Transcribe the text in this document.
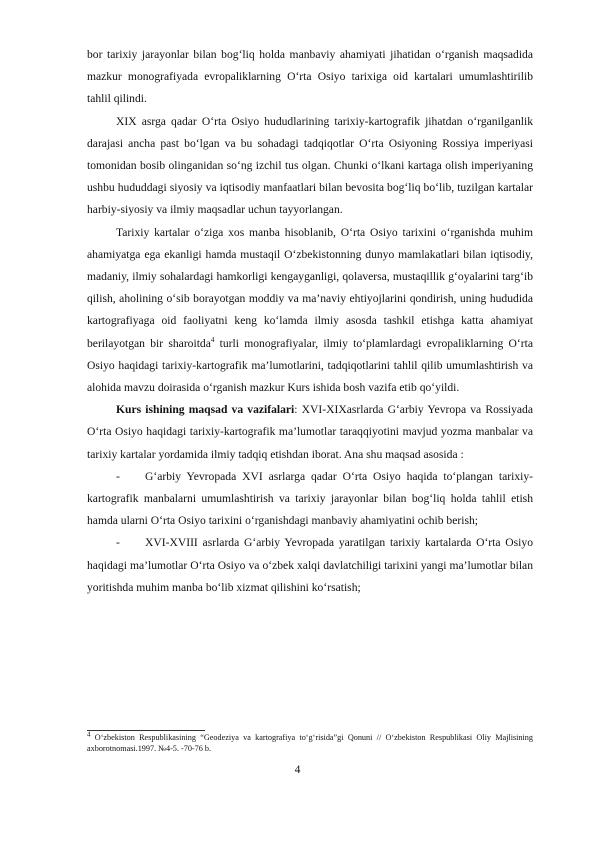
bor tarixiy jarayonlar bilan bog‘liq holda manbaviy ahamiyati jihatidan o‘rganish maqsadida mazkur monografiyada evropaliklarning O‘rta Osiyo tarixiga oid kartalari umumlashtirilib tahlil qilindi.

XIX asrga qadar O‘rta Osiyo hududlarining tarixiy-kartografik jihatdan o‘rganilganlik darajasi ancha past bo‘lgan va bu sohadagi tadqiqotlar O‘rta Osiyoning Rossiya imperiyasi tomonidan bosib olinganidan so‘ng izchil tus olgan. Chunki o‘lkani kartaga olish imperiyaning ushbu hududdagi siyosiy va iqtisodiy manfaatlari bilan bevosita bog‘liq bo‘lib, tuzilgan kartalar harbiy-siyosiy va ilmiy maqsadlar uchun tayyorlangan.

Tarixiy kartalar o‘ziga xos manba hisoblanib, O‘rta Osiyo tarixini o‘rganishda muhim ahamiyatga ega ekanligi hamda mustaqil O‘zbekistonning dunyo mamlakatlari bilan iqtisodiy, madaniy, ilmiy sohalardagi hamkorligi kengayganligi, qolaversa, mustaqillik g‘oyalarini targ‘ib qilish, aholining o‘sib borayotgan moddiy va ma’naviy ehtiyojlarini qondirish, uning hududida kartografiyaga oid faoliyatni keng ko‘lamda ilmiy asosda tashkil etishga katta ahamiyat berilayotgan bir sharoitda$^4$ turli monografiyalar, ilmiy to‘plamlardagi evropaliklarning O‘rta Osiyo haqidagi tarixiy-kartografik ma’lumotlarini, tadqiqotlarini tahlil qilib umumlashtirish va alohida mavzu doirasida o‘rganish mazkur Kurs ishida bosh vazifa etib qo‘yildi.

Kurs ishining maqsad va vazifalari: XVI-XIXasrlarda G‘arbiy Yevropa va Rossiyada O‘rta Osiyo haqidagi tarixiy-kartografik ma’lumotlar taraqqiyotini mavjud yozma manbalar va tarixiy kartalar yordamida ilmiy tadqiq etishdan iborat. Ana shu maqsad asosida :

- G‘arbiy Yevropada XVI asrlarga qadar O‘rta Osiyo haqida to‘plangan tarixiy-kartografik manbalarni umumlashtirish va tarixiy jarayonlar bilan bog‘liq holda tahlil etish hamda ularni O‘rta Osiyo tarixini o‘rganishdagi manbaviy ahamiyatini ochib berish;

- XVI-XVIII asrlarda G‘arbiy Yevropada yaratilgan tarixiy kartalarda O‘rta Osiyo haqidagi ma’lumotlar O‘rta Osiyo va o‘zbek xalqi davlatchiligi tarixini yangi ma’lumotlar bilan yoritishda muhim manba bo‘lib xizmat qilishini ko‘rsatish;

4 O‘zbekiston Respublikasining “Geodeziya va kartografiya to‘g‘risida”gi Qonuni // O‘zbekiston Respublikasi Oliy Majlisining axborotnomasi.1997. №4-5. -70-76 b.
4
